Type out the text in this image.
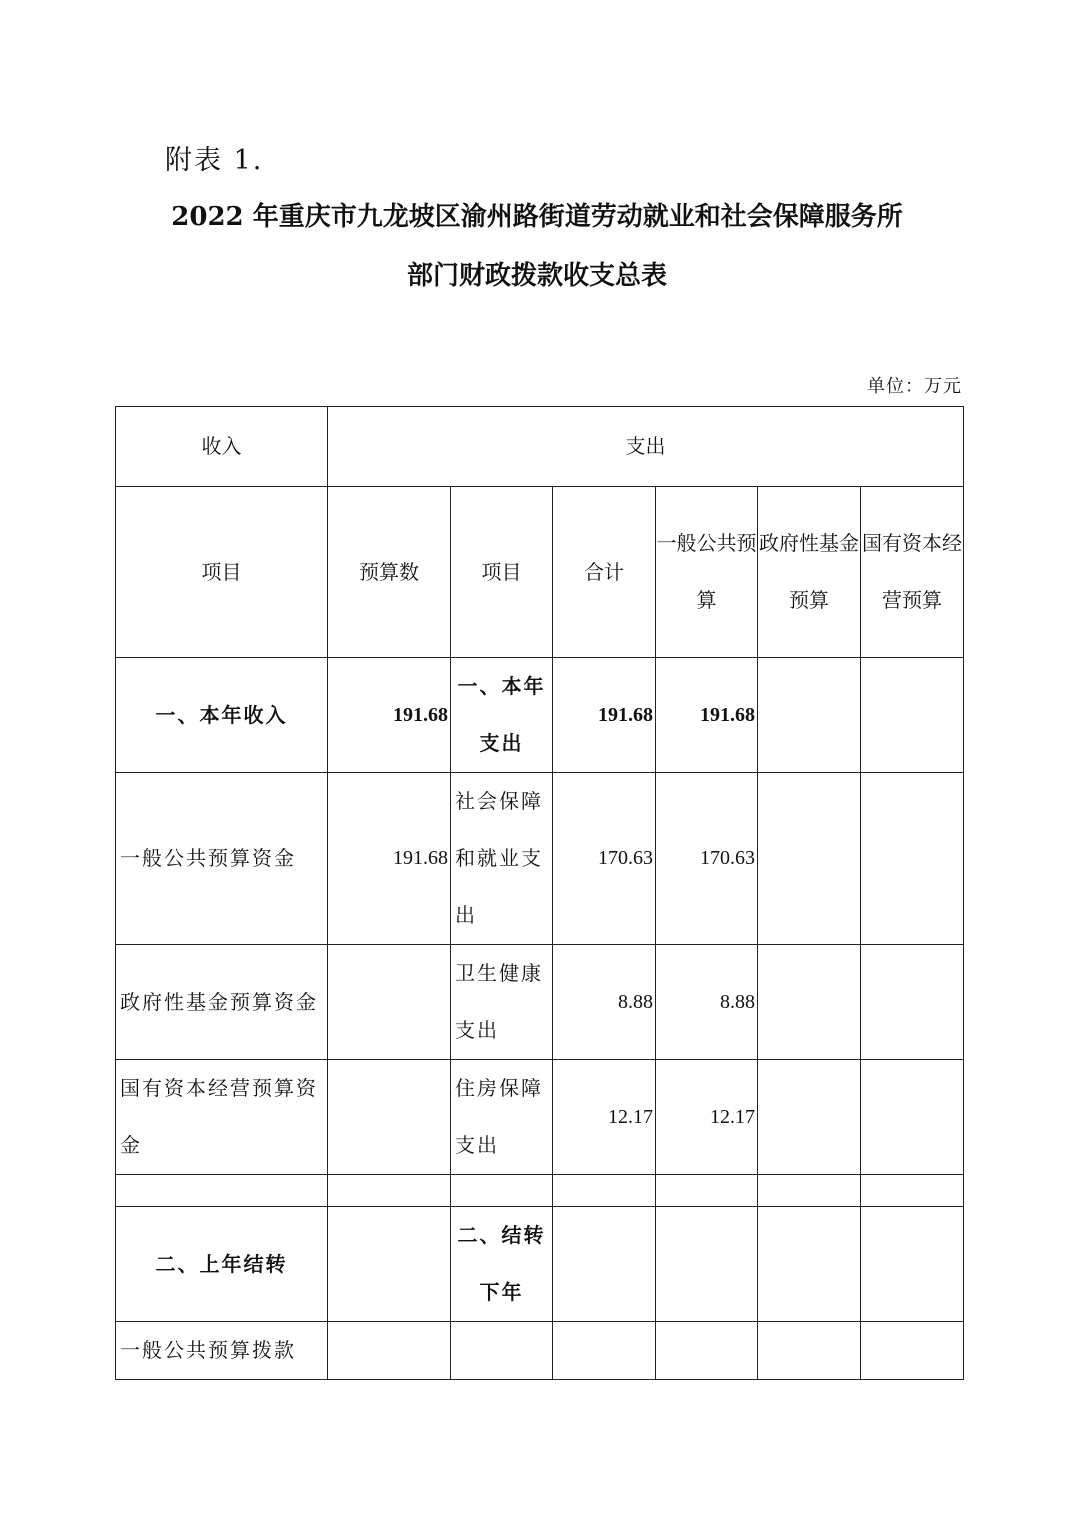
附表 1.
2022 年重庆市九龙坡区渝州路街道劳动就业和社会保障服务所
部门财政拨款收支总表
单位：万元
收入	支出					
项目	预算数	项目	合计	一般公共预算	政府性基金预算	国有资本经营预算
一、本年收入	191.68	一、本年支出	191.68	191.68		
一般公共预算资金	191.68	社会保障和就业支出	170.63	170.63		
政府性基金预算资金		卫生健康支出	8.88	8.88		
国有资本经营预算资金		住房保障支出	12.17	12.17		

二、上年结转		二、结转下年				
一般公共预算拨款						
